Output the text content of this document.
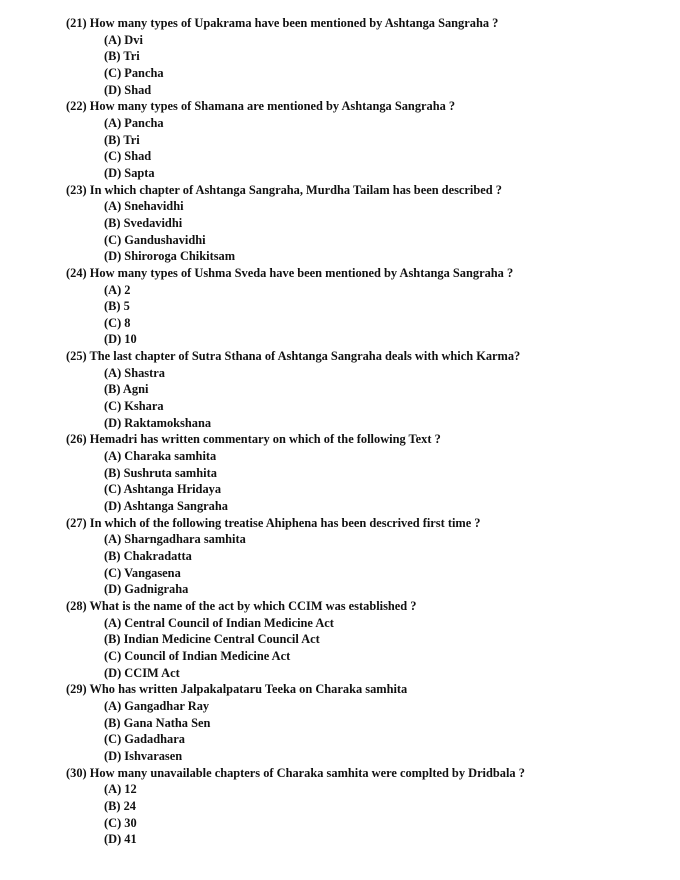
(21) How many types of Upakrama have been mentioned by Ashtanga Sangraha ?
(A) Dvi
(B) Tri
(C) Pancha
(D) Shad
(22) How many types of Shamana are mentioned by Ashtanga Sangraha ?
(A) Pancha
(B) Tri
(C) Shad
(D) Sapta
(23) In which chapter of Ashtanga Sangraha, Murdha Tailam has been described ?
(A) Snehavidhi
(B) Svedavidhi
(C) Gandushavidhi
(D) Shiroroga Chikitsam
(24) How many types of Ushma Sveda have been mentioned by Ashtanga Sangraha ?
(A) 2
(B) 5
(C) 8
(D) 10
(25) The last chapter of Sutra Sthana of Ashtanga Sangraha deals with which Karma?
(A) Shastra
(B) Agni
(C) Kshara
(D) Raktamokshana
(26) Hemadri has written commentary on which of the following Text ?
(A) Charaka samhita
(B) Sushruta samhita
(C) Ashtanga Hridaya
(D) Ashtanga Sangraha
(27) In which of the following treatise Ahiphena has been descrived first time ?
(A) Sharngadhara samhita
(B) Chakradatta
(C) Vangasena
(D) Gadnigraha
(28) What is the name of the act by which CCIM was established ?
(A) Central Council of Indian Medicine Act
(B) Indian Medicine Central Council Act
(C) Council of Indian Medicine Act
(D) CCIM Act
(29) Who has written Jalpakalpataru Teeka on Charaka samhita
(A) Gangadhar Ray
(B) Gana Natha Sen
(C) Gadadhara
(D) Ishvarasen
(30) How many unavailable chapters of Charaka samhita were complted by Dridbala ?
(A) 12
(B) 24
(C) 30
(D) 41
